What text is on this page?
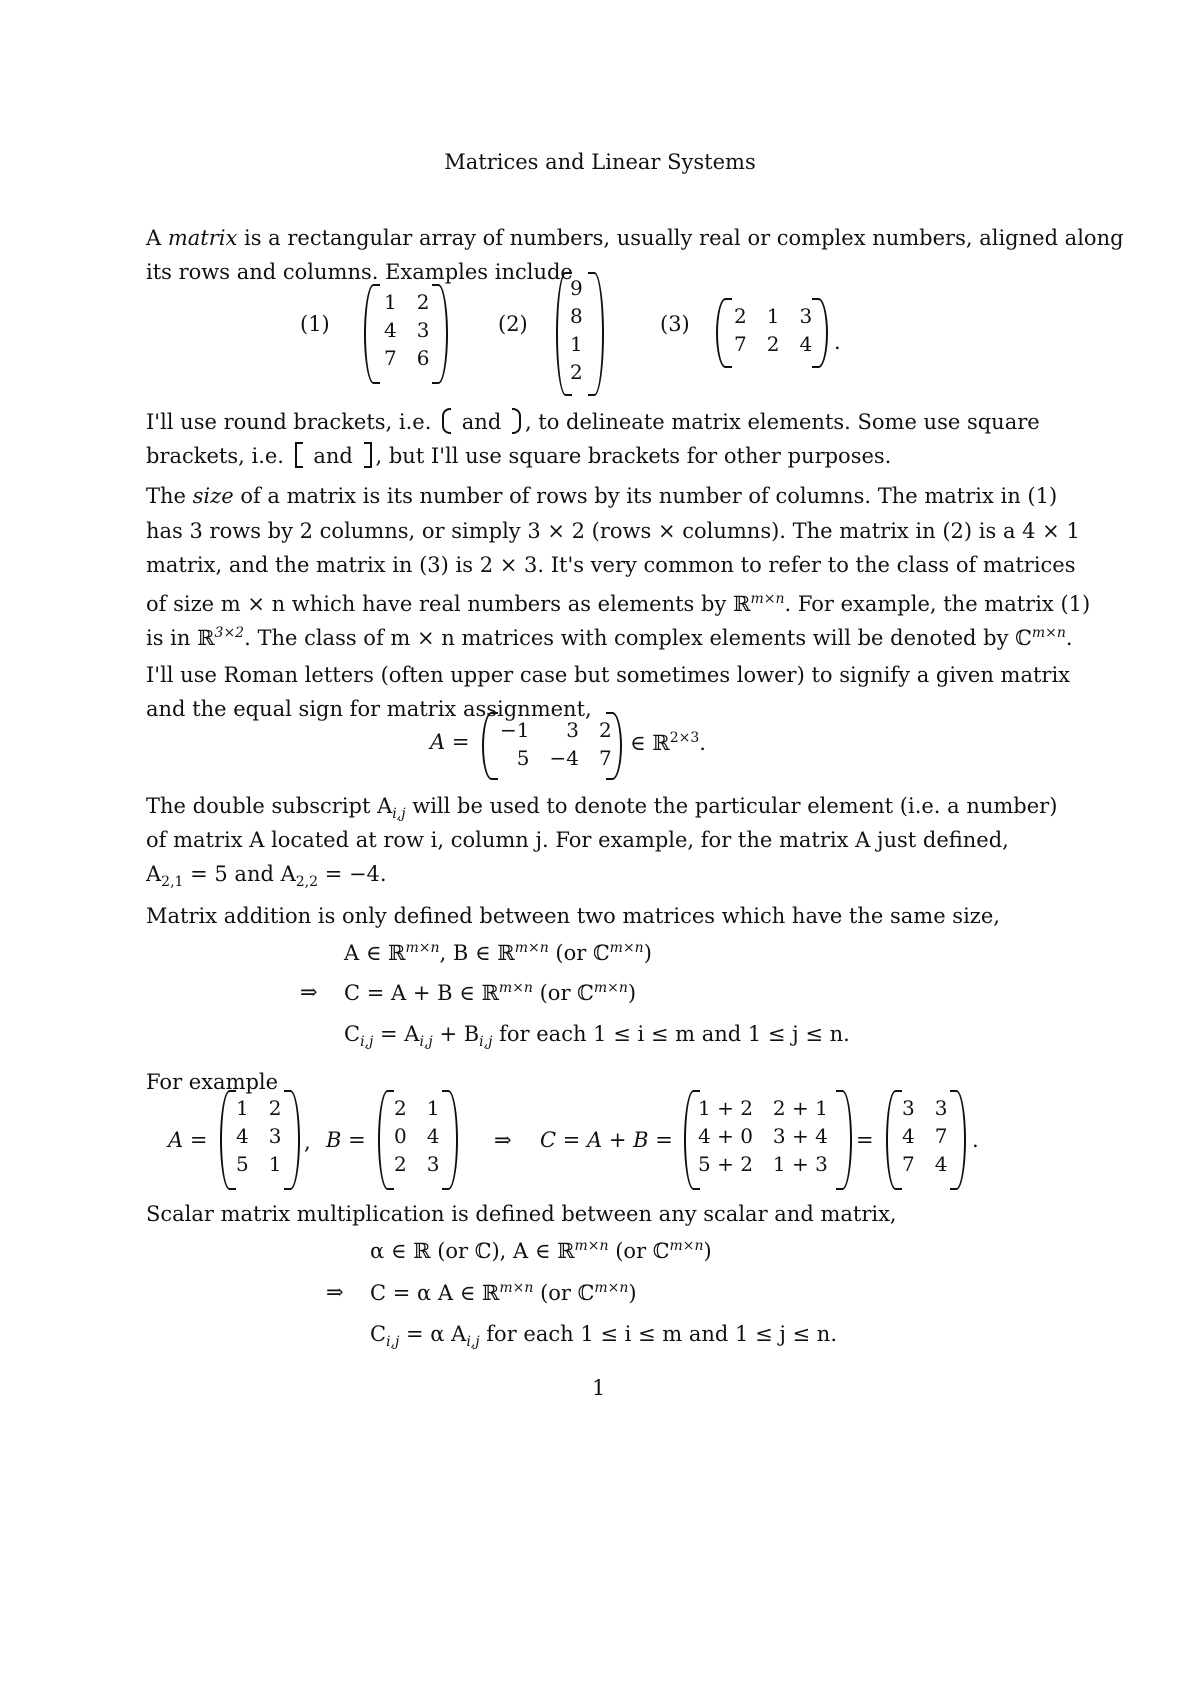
Matrices and Linear Systems
A matrix is a rectangular array of numbers, usually real or complex numbers, aligned along
its rows and columns. Examples include
(1)
1	2
4	3
7	6
(2)
9
8
1
2
(3) 2	1	3
7	2	4 .
I'll use round brackets, i.e.  and , to delineate matrix elements. Some use square
brackets, i.e.  and , but I'll use square brackets for other purposes.
The size of a matrix is its number of rows by its number of columns. The matrix in (1)
has 3 rows by 2 columns, or simply 3 × 2 (rows × columns). The matrix in (2) is a 4 × 1
matrix, and the matrix in (3) is 2 × 3. It's very common to refer to the class of matrices
of size m × n which have real numbers as elements by ℝ$^{m\times n}$. For example, the matrix (1)
is in ℝ$^{3\times 2}$. The class of m × n matrices with complex elements will be denoted by ℂ$^{m\times n}$.
I'll use Roman letters (often upper case but sometimes lower) to signify a given matrix
and the equal sign for matrix assignment,
A = −1	3	2
5	−4	7
∈ ℝ$^{2\times 3}$.
The double subscript $A_{i,j}$ will be used to denote the particular element (i.e. a number)
of matrix A located at row i, column j. For example, for the matrix A just defined,
$A_{2,1} = 5$ and $A_{2,2} = -4$.
Matrix addition is only defined between two matrices which have the same size,
A ∈ ℝ$^{m\times n}$, B ∈ ℝ$^{m\times n}$ (or ℂ$^{m\times n}$)
⇒ C = A + B ∈ ℝ$^{m\times n}$ (or ℂ$^{m\times n}$)
$C_{i,j} = A_{i,j} + B_{i,j}$ for each 1 ≤ i ≤ m and 1 ≤ j ≤ n.
For example
A =
1	2
4	3
5	1
, B =
2	1
0	4
2	3
⇒ C = A + B =
1 + 2	2 + 1
4 + 0	3 + 4
5 + 2	1 + 3
=
3	3
4	7
7	4
.
Scalar matrix multiplication is defined between any scalar and matrix,
α ∈ ℝ (or ℂ), A ∈ ℝ$^{m\times n}$ (or ℂ$^{m\times n}$)
⇒ C = α A ∈ ℝ$^{m\times n}$ (or ℂ$^{m\times n}$)
$C_{i,j} = \alpha$ $A_{i,j}$ for each 1 ≤ i ≤ m and 1 ≤ j ≤ n.
1
